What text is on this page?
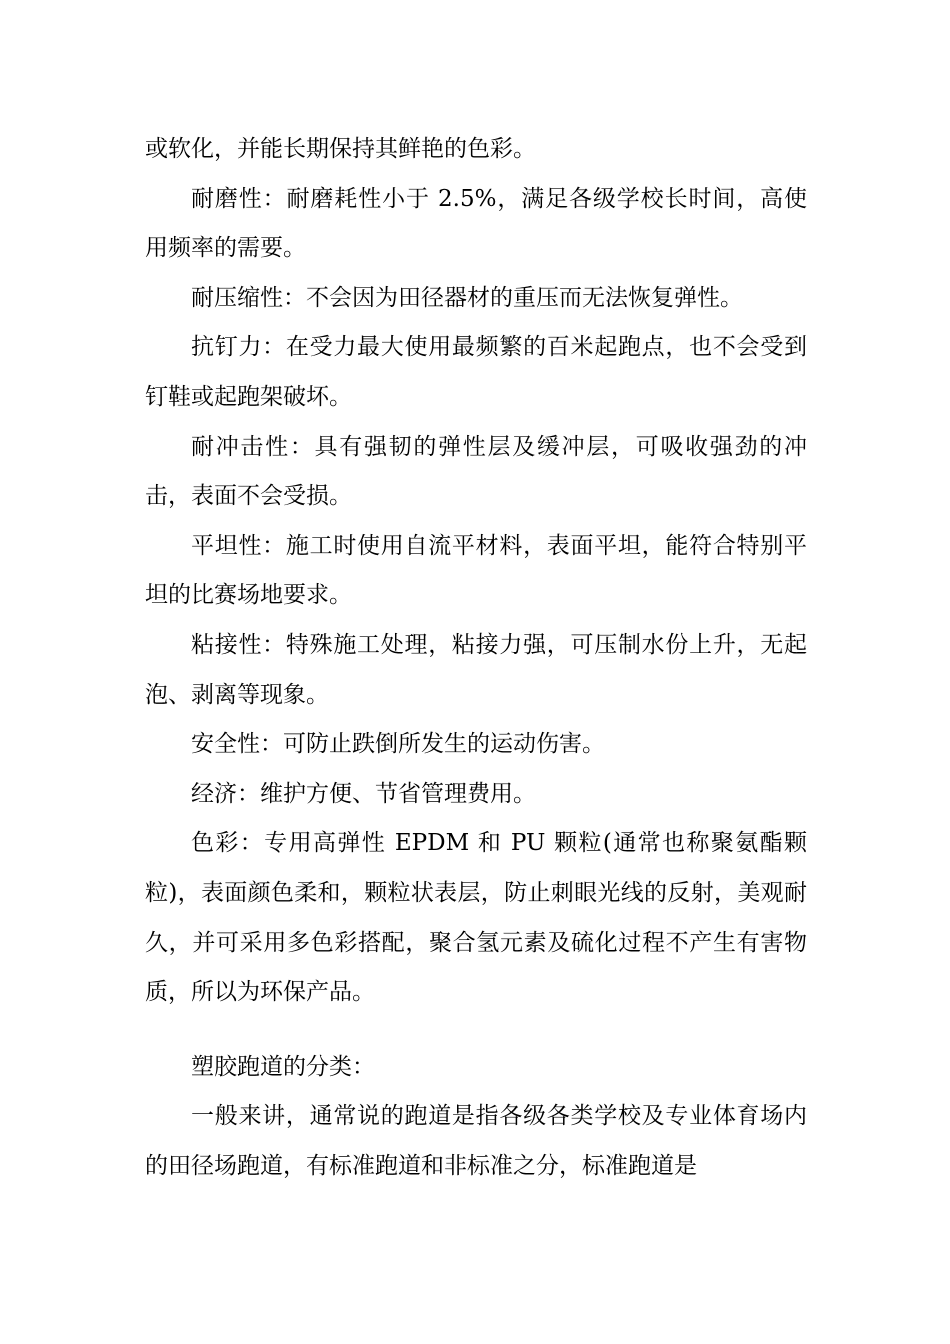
或软化，并能长期保持其鲜艳的色彩。

耐磨性：耐磨耗性小于 2.5%，满足各级学校长时间，高使用频率的需要。

耐压缩性：不会因为田径器材的重压而无法恢复弹性。

抗钉力：在受力最大使用最频繁的百米起跑点，也不会受到钉鞋或起跑架破坏。

耐冲击性：具有强韧的弹性层及缓冲层，可吸收强劲的冲击，表面不会受损。

平坦性：施工时使用自流平材料，表面平坦，能符合特别平坦的比赛场地要求。

粘接性：特殊施工处理，粘接力强，可压制水份上升，无起泡、剥离等现象。

安全性：可防止跌倒所发生的运动伤害。

经济：维护方便、节省管理费用。

色彩：专用高弹性 EPDM 和 PU 颗粒(通常也称聚氨酯颗粒)，表面颜色柔和，颗粒状表层，防止刺眼光线的反射，美观耐久，并可采用多色彩搭配，聚合氢元素及硫化过程不产生有害物质，所以为环保产品。

塑胶跑道的分类：

一般来讲，通常说的跑道是指各级各类学校及专业体育场内的田径场跑道，有标准跑道和非标准之分，标准跑道是
